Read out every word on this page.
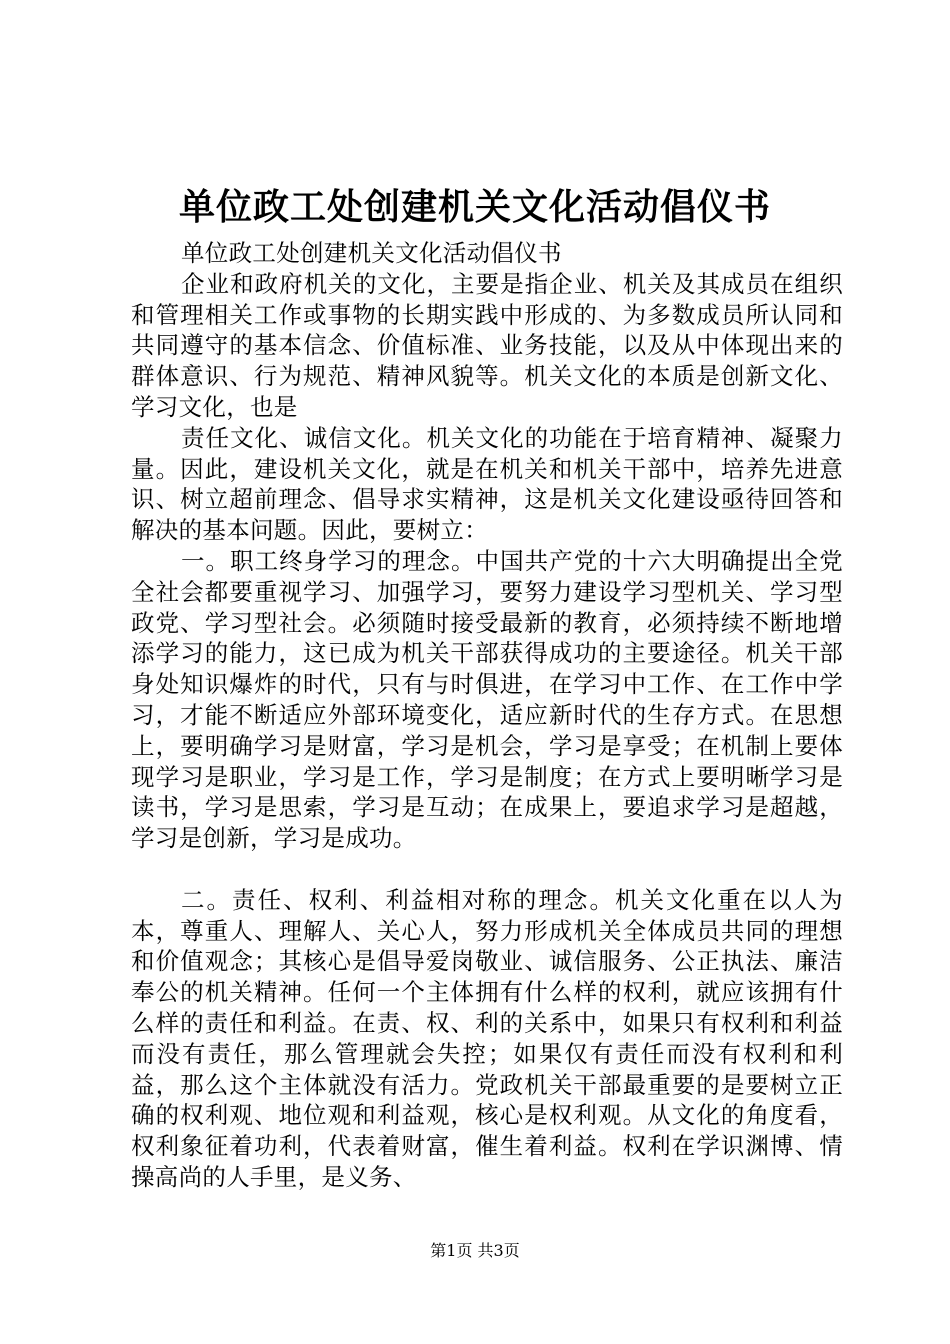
单位政工处创建机关文化活动倡仪书

单位政工处创建机关文化活动倡仪书

企业和政府机关的文化，主要是指企业、机关及其成员在组织和管理相关工作或事物的长期实践中形成的、为多数成员所认同和共同遵守的基本信念、价值标准、业务技能，以及从中体现出来的群体意识、行为规范、精神风貌等。机关文化的本质是创新文化、学习文化，也是

责任文化、诚信文化。机关文化的功能在于培育精神、凝聚力量。因此，建设机关文化，就是在机关和机关干部中，培养先进意识、树立超前理念、倡导求实精神，这是机关文化建设亟待回答和解决的基本问题。因此，要树立：

一。职工终身学习的理念。中国共产党的十六大明确提出全党全社会都要重视学习、加强学习，要努力建设学习型机关、学习型政党、学习型社会。必须随时接受最新的教育，必须持续不断地增添学习的能力，这已成为机关干部获得成功的主要途径。机关干部身处知识爆炸的时代，只有与时俱进，在学习中工作、在工作中学习，才能不断适应外部环境变化，适应新时代的生存方式。在思想上，要明确学习是财富，学习是机会，学习是享受；在机制上要体现学习是职业，学习是工作，学习是制度；在方式上要明晰学习是读书，学习是思索，学习是互动；在成果上，要追求学习是超越，学习是创新，学习是成功。

二。责任、权利、利益相对称的理念。机关文化重在以人为本，尊重人、理解人、关心人，努力形成机关全体成员共同的理想和价值观念；其核心是倡导爱岗敬业、诚信服务、公正执法、廉洁奉公的机关精神。任何一个主体拥有什么样的权利，就应该拥有什么样的责任和利益。在责、权、利的关系中，如果只有权利和利益而没有责任，那么管理就会失控；如果仅有责任而没有权利和利益，那么这个主体就没有活力。党政机关干部最重要的是要树立正确的权利观、地位观和利益观，核心是权利观。从文化的角度看，权利象征着功利，代表着财富，催生着利益。权利在学识渊博、情操高尚的人手里，是义务、

第1页 共3页
